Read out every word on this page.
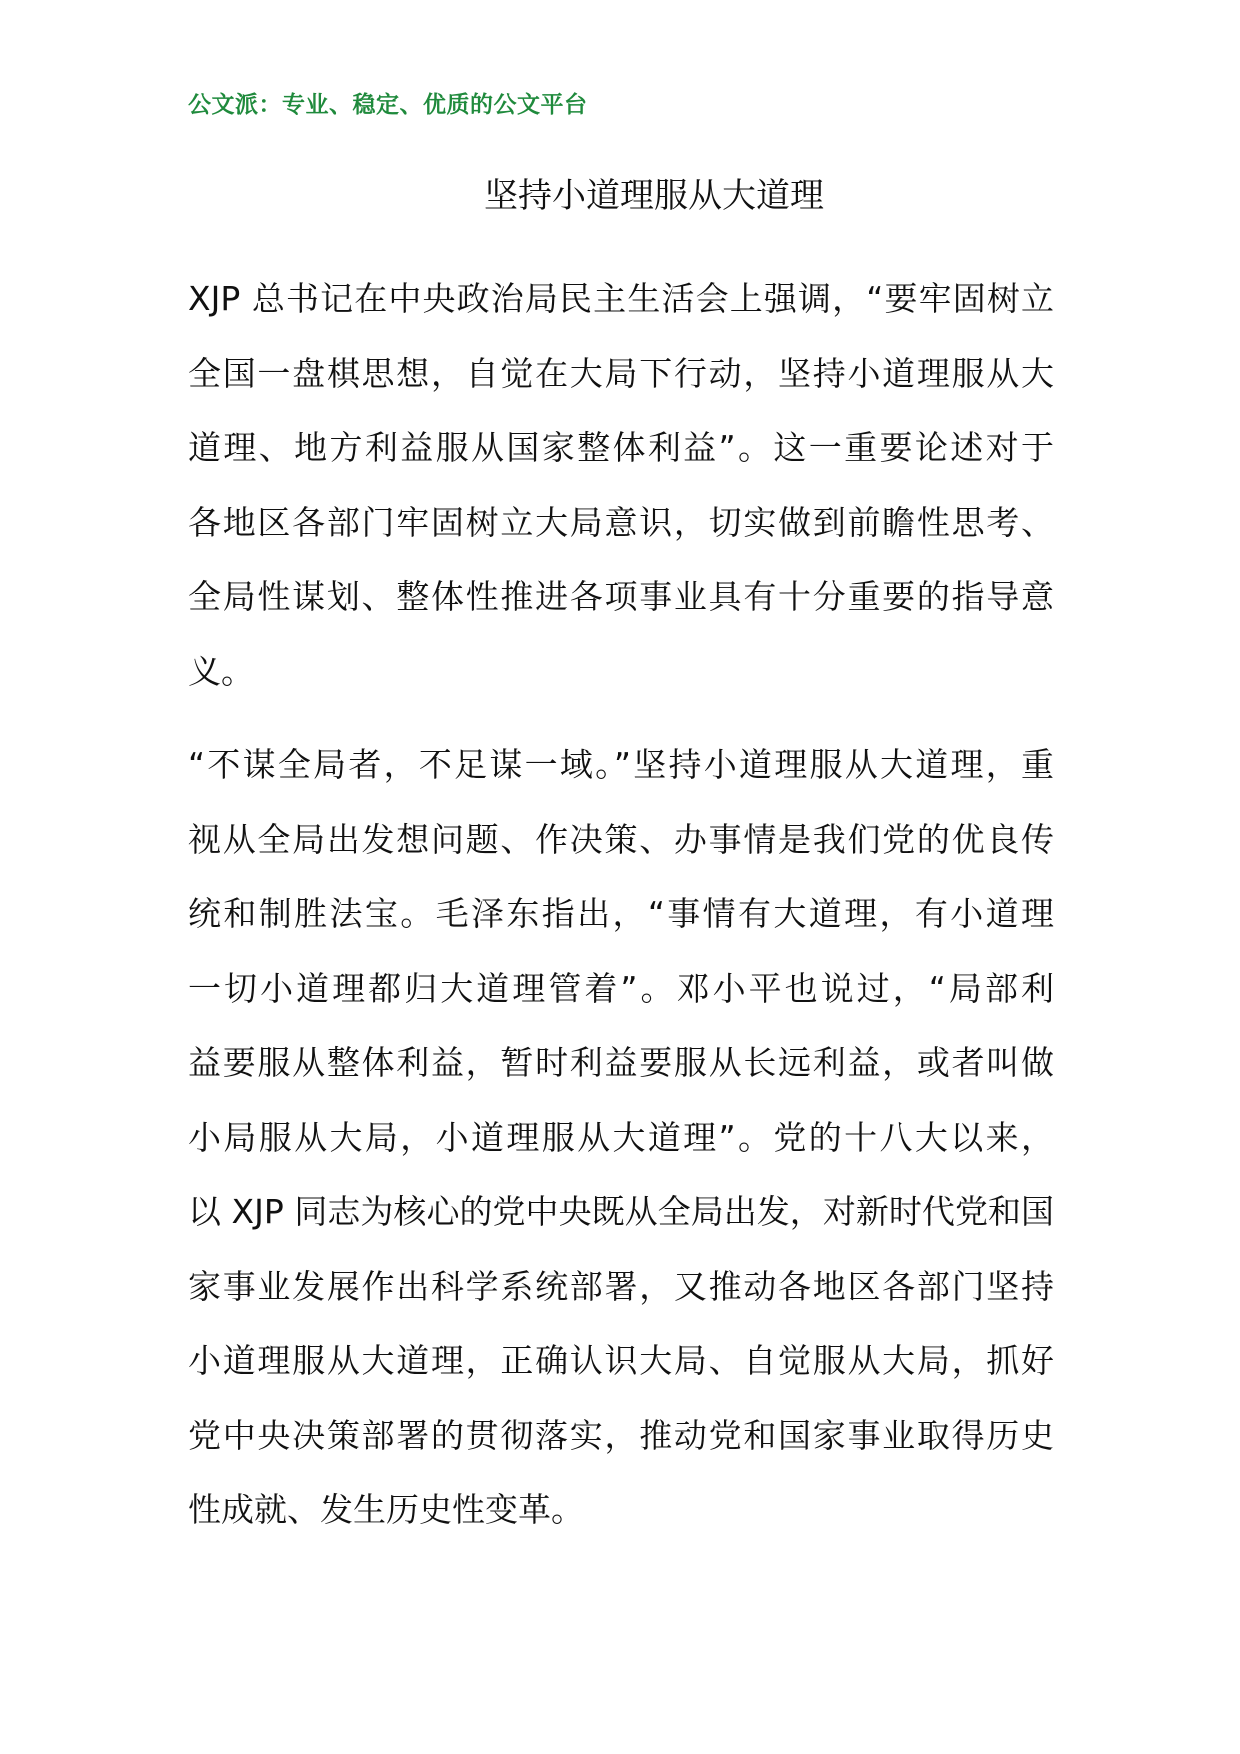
公文派：专业、稳定、优质的公文平台
坚持小道理服从大道理

XJP 总书记在中央政治局民主生活会上强调，“要牢固树立
全国一盘棋思想，自觉在大局下行动，坚持小道理服从大
道理、地方利益服从国家整体利益”。这一重要论述对于
各地区各部门牢固树立大局意识，切实做到前瞻性思考、
全局性谋划、整体性推进各项事业具有十分重要的指导意
义。

“不谋全局者，不足谋一域。”坚持小道理服从大道理，重
视从全局出发想问题、作决策、办事情是我们党的优良传
统和制胜法宝。毛泽东指出，“事情有大道理，有小道理
一切小道理都归大道理管着”。邓小平也说过，“局部利
益要服从整体利益，暂时利益要服从长远利益，或者叫做
小局服从大局，小道理服从大道理”。党的十八大以来，
以 XJP 同志为核心的党中央既从全局出发，对新时代党和国
家事业发展作出科学系统部署，又推动各地区各部门坚持
小道理服从大道理，正确认识大局、自觉服从大局，抓好
党中央决策部署的贯彻落实，推动党和国家事业取得历史
性成就、发生历史性变革。
